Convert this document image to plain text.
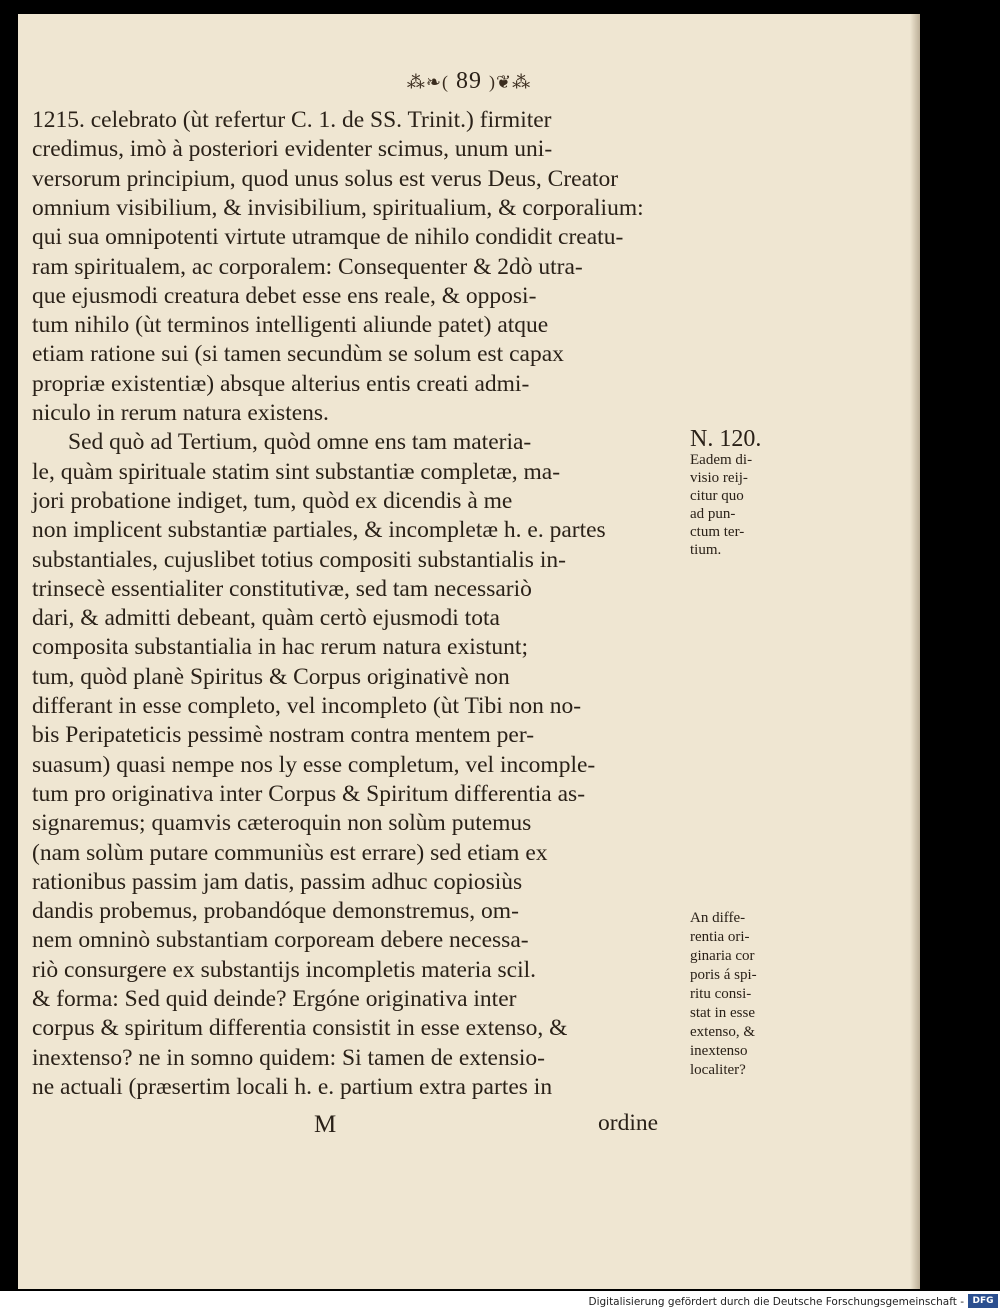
⁂❧( 89 )❦⁂
1215. celebrato (ùt refertur C. 1. de SS. Trinit.) firmiter
credimus, imò à posteriori evidenter scimus, unum uni-
versorum principium, quod unus solus est verus Deus, Creator
omnium visibilium, & invisibilium, spiritualium, & corporalium:
qui sua omnipotenti virtute utramque de nihilo condidit creatu-
ram spiritualem, ac corporalem: Consequenter & 2dò utra-
que ejusmodi creatura debet esse ens reale, & opposi-
tum nihilo (ùt terminos intelligenti aliunde patet) atque
etiam ratione sui (si tamen secundùm se solum est capax
propriæ existentiæ) absque alterius entis creati admi-
niculo in rerum natura existens.
Sed quò ad Tertium, quòd omne ens tam materia-
le, quàm spirituale statim sint substantiæ completæ, ma-
jori probatione indiget, tum, quòd ex dicendis à me
non implicent substantiæ partiales, & incompletæ h. e. partes
substantiales, cujuslibet totius compositi substantialis in-
trinsecè essentialiter constitutivæ, sed tam necessariò
dari, & admitti debeant, quàm certò ejusmodi tota
composita substantialia in hac rerum natura existunt;
tum, quòd planè Spiritus & Corpus originativè non
differant in esse completo, vel incompleto (ùt Tibi non no-
bis Peripateticis pessimè nostram contra mentem per-
suasum) quasi nempe nos ly esse completum, vel incomple-
tum pro originativa inter Corpus & Spiritum differentia as-
signaremus; quamvis cæteroquin non solùm putemus
(nam solùm putare communiùs est errare) sed etiam ex
rationibus passim jam datis, passim adhuc copiosiùs
dandis probemus, probandóque demonstremus, om-
nem omninò substantiam corpoream debere necessa-
riò consurgere ex substantijs incompletis materia scil.
& forma: Sed quid deinde? Ergóne originativa inter
corpus & spiritum differentia consistit in esse extenso, &
inextenso? ne in somno quidem: Si tamen de extensio-
ne actuali (præsertim locali h. e. partium extra partes in
M	ordine
N. 120.
Eadem di-
visio reij-
citur quo
ad pun-
ctum ter-
tium.
An diffe-
rentia ori-
ginaria cor
poris á spi-
ritu consi-
stat in esse
extenso, &
inextenso
localiter?
Digitalisierung gefördert durch die Deutsche Forschungsgemeinschaft - DFG
